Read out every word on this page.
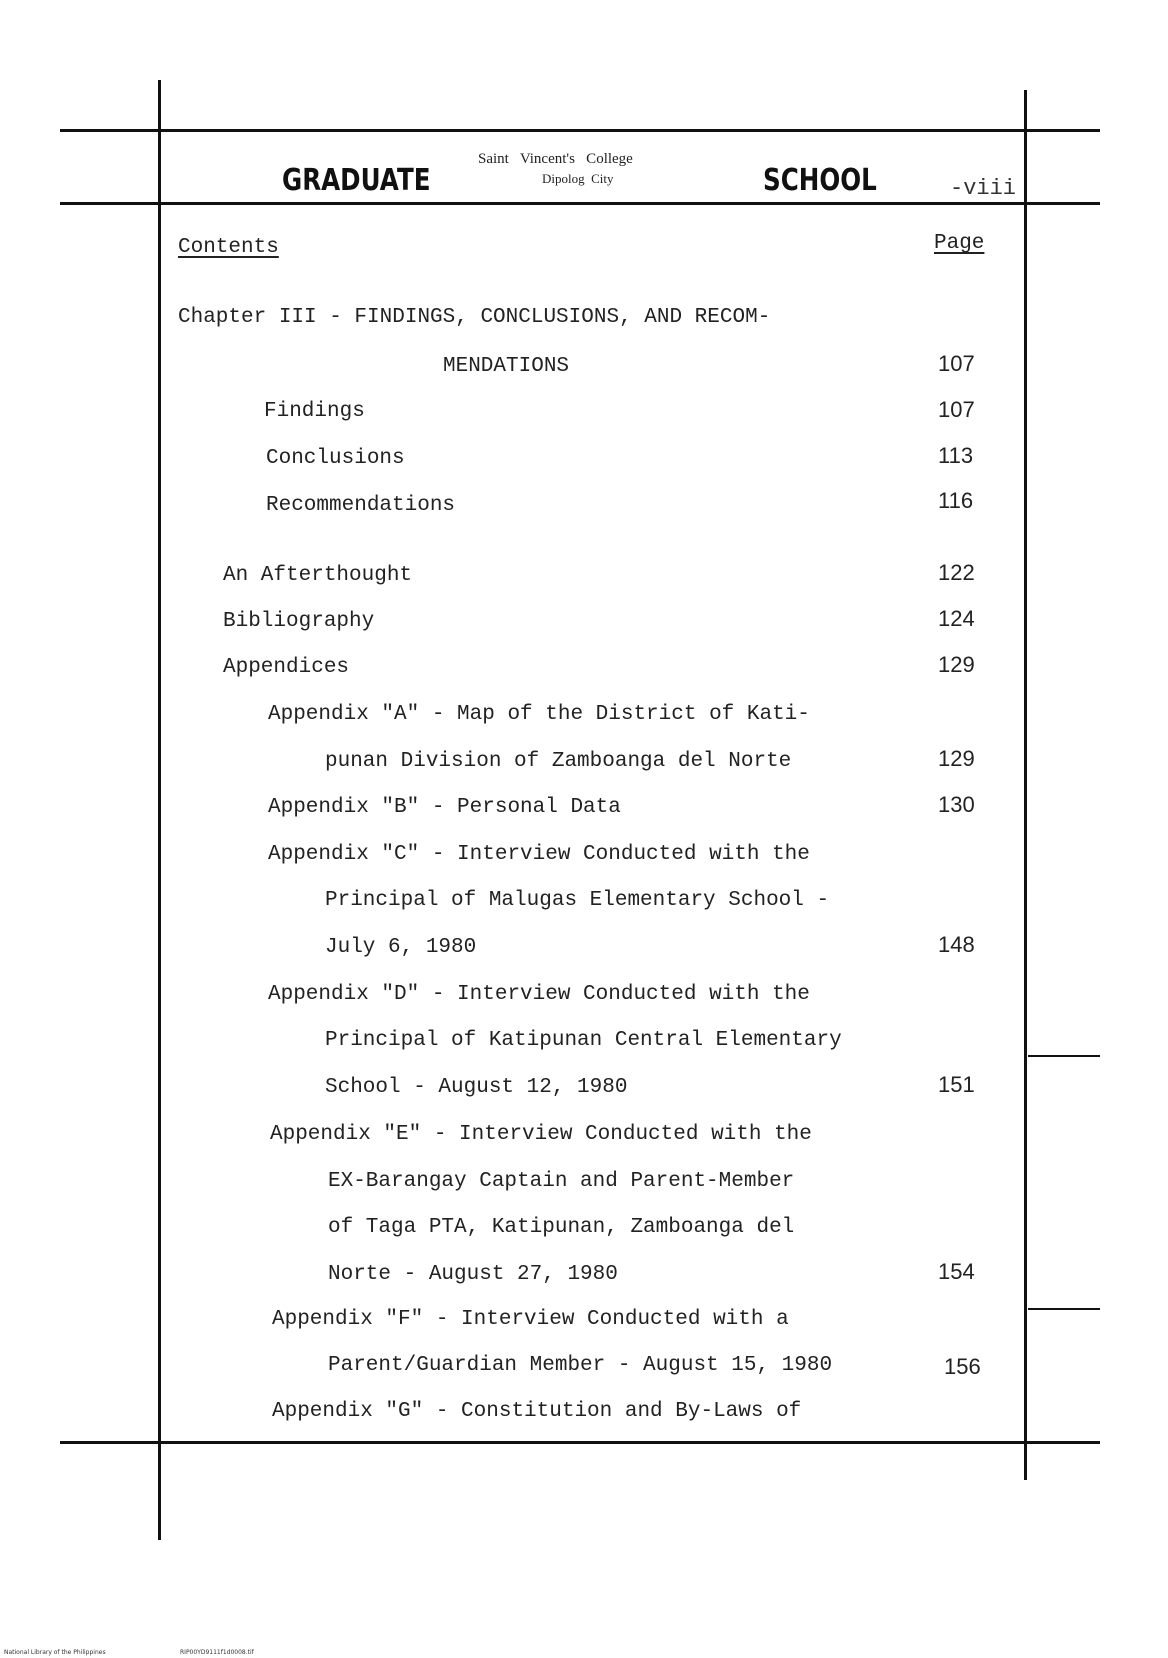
GRADUATE
Saint   Vincent's   College
Dipolog  City	SCHOOL	-viii
Contents	Page
Chapter III - FINDINGS, CONCLUSIONS, AND RECOM-
MENDATIONS	107
Findings	107
Conclusions	113
Recommendations	116
An Afterthought	122
Bibliography	124
Appendices	129
Appendix "A" - Map of the District of Kati-
punan Division of Zamboanga del Norte	129
Appendix "B" - Personal Data	130
Appendix "C" - Interview Conducted with the
Principal of Malugas Elementary School -
July 6, 1980	148
Appendix "D" - Interview Conducted with the
Principal of Katipunan Central Elementary
School - August 12, 1980	151
Appendix "E" - Interview Conducted with the
EX-Barangay Captain and Parent-Member
of Taga PTA, Katipunan, Zamboanga del
Norte - August 27, 1980	154
Appendix "F" - Interview Conducted with a
Parent/Guardian Member - August 15, 1980	156
Appendix "G" - Constitution and By-Laws of
National Library of the Philippines	RIP00YD9111f1d0008.tif
